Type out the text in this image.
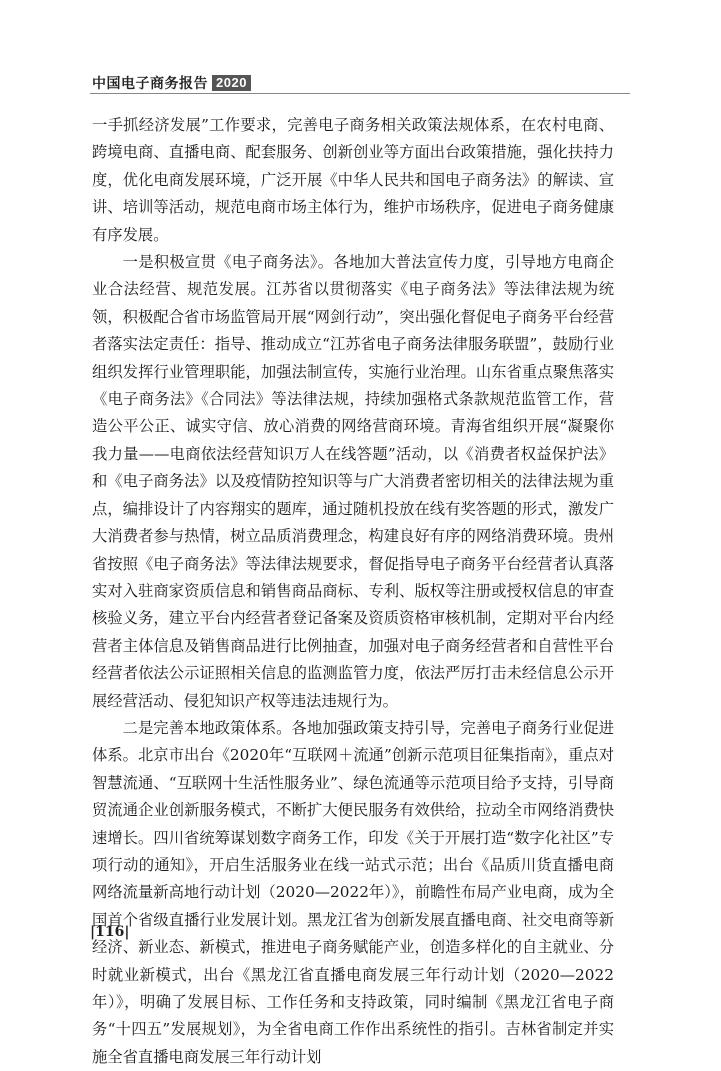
中国电子商务报告 2020

一手抓经济发展”工作要求，完善电子商务相关政策法规体系，在农村电商、跨境电商、直播电商、配套服务、创新创业等方面出台政策措施，强化扶持力度，优化电商发展环境，广泛开展《中华人民共和国电子商务法》的解读、宣讲、培训等活动，规范电商市场主体行为，维护市场秩序，促进电子商务健康有序发展。

一是积极宣贯《电子商务法》。各地加大普法宣传力度，引导地方电商企业合法经营、规范发展。江苏省以贯彻落实《电子商务法》等法律法规为统领，积极配合省市场监管局开展“网剑行动”，突出强化督促电子商务平台经营者落实法定责任：指导、推动成立“江苏省电子商务法律服务联盟”，鼓励行业组织发挥行业管理职能，加强法制宣传，实施行业治理。山东省重点聚焦落实《电子商务法》《合同法》等法律法规，持续加强格式条款规范监管工作，营造公平公正、诚实守信、放心消费的网络营商环境。青海省组织开展“凝聚你我力量——电商依法经营知识万人在线答题”活动，以《消费者权益保护法》和《电子商务法》以及疫情防控知识等与广大消费者密切相关的法律法规为重点，编排设计了内容翔实的题库，通过随机投放在线有奖答题的形式，激发广大消费者参与热情，树立品质消费理念，构建良好有序的网络消费环境。贵州省按照《电子商务法》等法律法规要求，督促指导电子商务平台经营者认真落实对入驻商家资质信息和销售商品商标、专利、版权等注册或授权信息的审查核验义务，建立平台内经营者登记备案及资质资格审核机制，定期对平台内经营者主体信息及销售商品进行比例抽查，加强对电子商务经营者和自营性平台经营者依法公示证照相关信息的监测监管力度，依法严厉打击未经信息公示开展经营活动、侵犯知识产权等违法违规行为。

二是完善本地政策体系。各地加强政策支持引导，完善电子商务行业促进体系。北京市出台《2020年“互联网＋流通”创新示范项目征集指南》，重点对智慧流通、“互联网十生活性服务业”、绿色流通等示范项目给予支持，引导商贸流通企业创新服务模式，不断扩大便民服务有效供给，拉动全市网络消费快速增长。四川省统筹谋划数字商务工作，印发《关于开展打造“数字化社区”专项行动的通知》，开启生活服务业在线一站式示范；出台《品质川货直播电商网络流量新高地行动计划（2020—2022年）》，前瞻性布局产业电商，成为全国首个省级直播行业发展计划。黑龙江省为创新发展直播电商、社交电商等新经济、新业态、新模式，推进电子商务赋能产业，创造多样化的自主就业、分时就业新模式，出台《黑龙江省直播电商发展三年行动计划（2020—2022年）》，明确了发展目标、工作任务和支持政策，同时编制《黑龙江省电子商务“十四五”发展规划》，为全省电商工作作出系统性的指引。吉林省制定并实施全省直播电商发展三年行动计划

|116|
